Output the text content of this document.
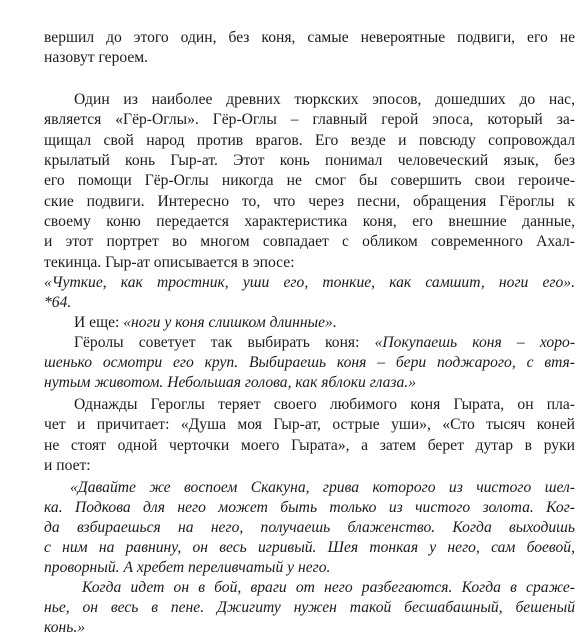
вершил до этого один, без коня, самые невероятные подвиги, его не
назовут героем.
Один из наиболее древних тюркских эпосов, дошедших до нас,
является «Гёр-Оглы». Гёр-Оглы – главный герой эпоса, который за-
щищал свой народ против врагов. Его везде и повсюду сопровождал
крылатый конь Гыр-ат. Этот конь понимал человеческий язык, без
его помощи Гёр-Оглы никогда не смог бы совершить свои героиче-
ские подвиги. Интересно то, что через песни, обращения Гёроглы к
своему коню передается характеристика коня, его внешние данные,
и этот портрет во многом совпадает с обликом современного Ахал-
текинца. Гыр-ат описывается в эпосе:
«Чуткие, как тростник, уши его, тонкие, как самшит, ноги его».
*64.
И еще: «ноги у коня слишком длинные».
Гёролы советует так выбирать коня: «Покупаешь коня – хоро-
шенько осмотри его круп. Выбираешь коня – бери поджарого, с втя-
нутым животом. Небольшая голова, как яблоки глаза.»
Однажды Героглы теряет своего любимого коня Гырата, он пла-
чет и причитает: «Душа моя Гыр-ат, острые уши», «Сто тысяч коней
не стоят одной черточки моего Гырата», а затем берет дутар в руки
и поет:
«Давайте же воспоем Скакуна, грива которого из чистого шел-
ка. Подкова для него может быть только из чистого золота. Ког-
да взбираешься на него, получаешь блаженство. Когда выходишь
с ним на равнину, он весь игривый. Шея тонкая у него, сам боевой,
проворный. А хребет переливчатый у него.
Когда идет он в бой, враги от него разбегаются. Когда в сраже-
нье, он весь в пене. Джигиту нужен такой бесшабашный, бешеный
конь.»
